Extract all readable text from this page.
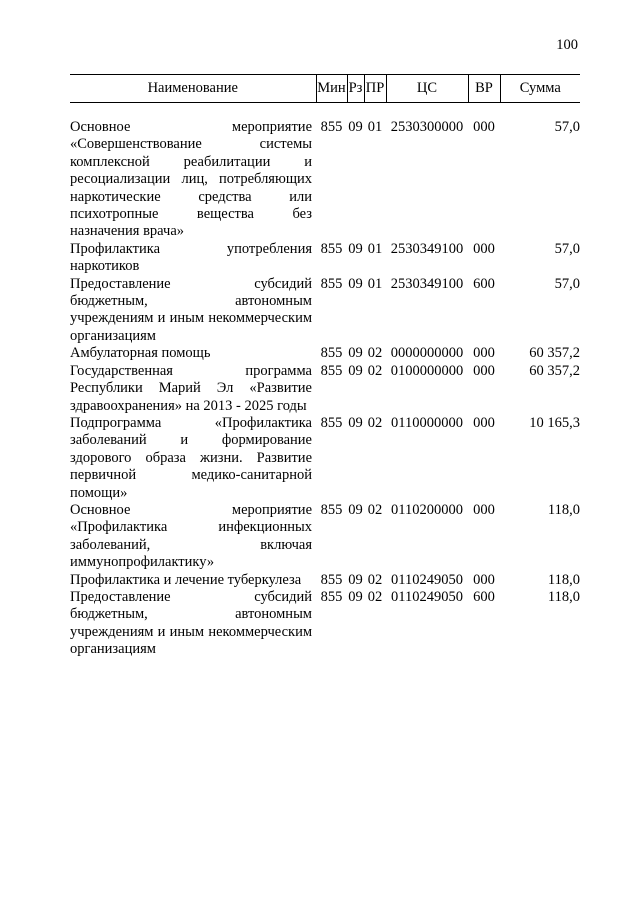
100
Наименование	Мин	Рз	ПР	ЦС	ВР	Сумма

Основное мероприятие «Совершенствование системы комплексной реабилитации и ресоциализации лиц, потребляющих наркотические средства или психотропные вещества без назначения врача»	855	09	01	2530300000	000	57,0
Профилактика употребления наркотиков	855	09	01	2530349100	000	57,0
Предоставление субсидий бюджетным, автономным учреждениям и иным некоммерческим организациям	855	09	01	2530349100	600	57,0
Амбулаторная помощь	855	09	02	0000000000	000	60 357,2
Государственная программа Республики Марий Эл «Развитие здравоохранения» на 2013 - 2025 годы	855	09	02	0100000000	000	60 357,2
Подпрограмма «Профилактика заболеваний и формирование здорового образа жизни. Развитие первичной медико-санитарной помощи»	855	09	02	0110000000	000	10 165,3
Основное мероприятие «Профилактика инфекционных заболеваний, включая иммунопрофилактику»	855	09	02	0110200000	000	118,0
Профилактика и лечение туберкулеза	855	09	02	0110249050	000	118,0
Предоставление субсидий бюджетным, автономным учреждениям и иным некоммерческим организациям	855	09	02	0110249050	600	118,0
